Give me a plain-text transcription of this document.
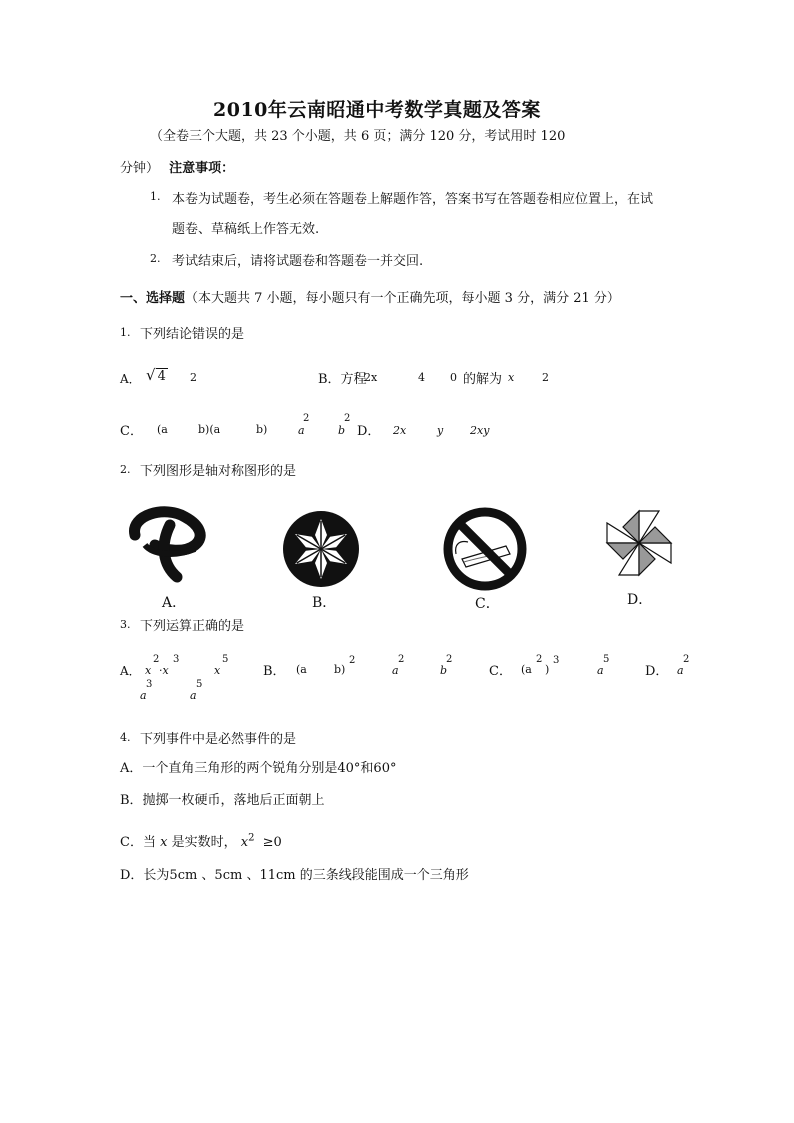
2010年云南昭通中考数学真题及答案
（全卷三个大题，共 23 个小题，共 6 页；满分 120 分，考试用时 120
分钟） 注意事项：
1. 本卷为试题卷，考生必须在答题卷上解题作答，答案书写在答题卷相应位置上，在试
题卷、草稿纸上作答无效.
2. 考试结束后，请将试题卷和答题卷一并交回.
一、选择题（本大题共 7 小题，每小题只有一个正确先项，每小题 3 分，满分 21 分）
1. 下列结论错误的是
A． √ 4 2	B．方程
2x	4 0 的解为 x	2
C． (a	b)(a	b)	a
2
b
2
D． 2x	y 2xy
2. 下列图形是轴对称图形的是
A．	B．	C．	D．
3. 下列运算正确的是
A． x
2
·x
3
x
5
B． (a b)
2
a
2
b
2
C． (a
2
)
3
a
5
D． a
2
a
3
a
5
4. 下列事件中是必然事件的是
A．一个直角三角形的两个锐角分别是40°和60°
B．抛掷一枚硬币，落地后正面朝上
C．当 x 是实数时， $x^2 \ge 0$
D．长为5cm 、5cm 、11cm 的三条线段能围成一个三角形
